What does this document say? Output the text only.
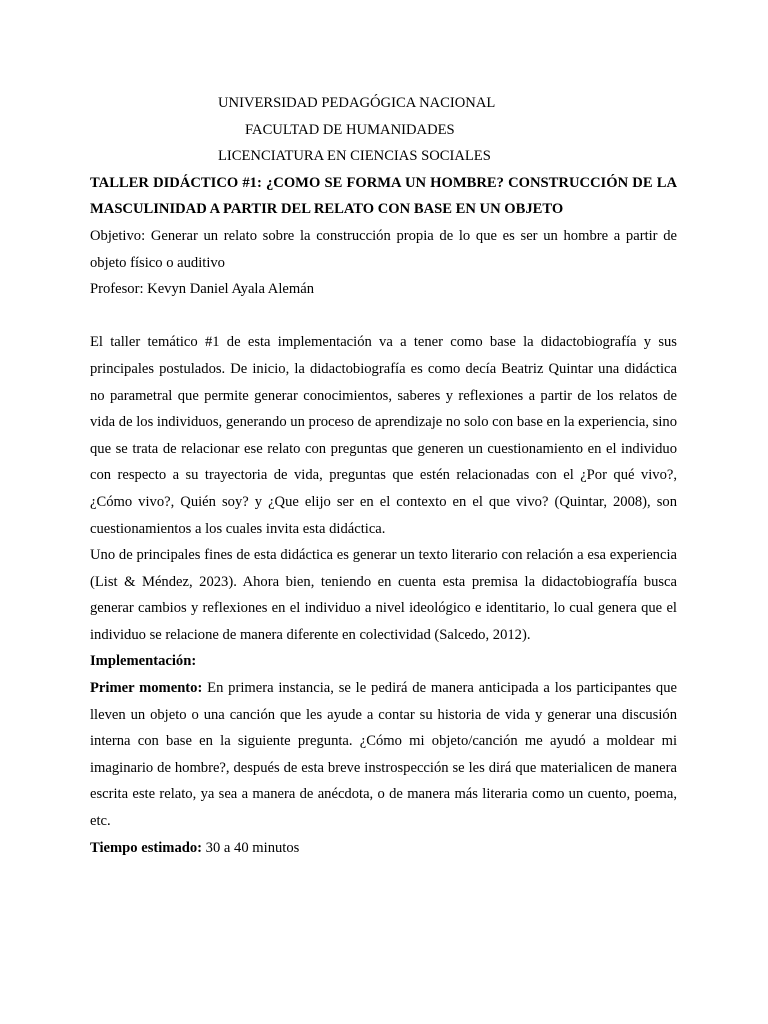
UNIVERSIDAD PEDAGÓGICA NACIONAL
FACULTAD DE HUMANIDADES
LICENCIATURA EN CIENCIAS SOCIALES

TALLER DIDÁCTICO #1: ¿COMO SE FORMA UN HOMBRE? CONSTRUCCIÓN DE LA MASCULINIDAD A PARTIR DEL RELATO CON BASE EN UN OBJETO

Objetivo: Generar un relato sobre la construcción propia de lo que es ser un hombre a partir de objeto físico o auditivo

Profesor: Kevyn Daniel Ayala Alemán

El taller temático #1 de esta implementación va a tener como base la didactobiografía y sus principales postulados. De inicio, la didactobiografía es como decía Beatriz Quintar una didáctica no parametral que permite generar conocimientos, saberes y reflexiones a partir de los relatos de vida de los individuos, generando un proceso de aprendizaje no solo con base en la experiencia, sino que se trata de relacionar ese relato con preguntas que generen un cuestionamiento en el individuo con respecto a su trayectoria de vida, preguntas que estén relacionadas con el ¿Por qué vivo?, ¿Cómo vivo?, Quién soy? y ¿Que elijo ser en el contexto en el que vivo? (Quintar, 2008), son cuestionamientos a los cuales invita esta didáctica.

Uno de principales fines de esta didáctica es generar un texto literario con relación a esa experiencia (List & Méndez, 2023). Ahora bien, teniendo en cuenta esta premisa la didactobiografía busca generar cambios y reflexiones en el individuo a nivel ideológico e identitario, lo cual genera que el individuo se relacione de manera diferente en colectividad (Salcedo, 2012).

Implementación:

Primer momento: En primera instancia, se le pedirá de manera anticipada a los participantes que lleven un objeto o una canción que les ayude a contar su historia de vida y generar una discusión interna con base en la siguiente pregunta. ¿Cómo mi objeto/canción me ayudó a moldear mi imaginario de hombre?, después de esta breve instrospección se les dirá que materialicen de manera escrita este relato, ya sea a manera de anécdota, o de manera más literaria como un cuento, poema, etc.

Tiempo estimado: 30 a 40 minutos
